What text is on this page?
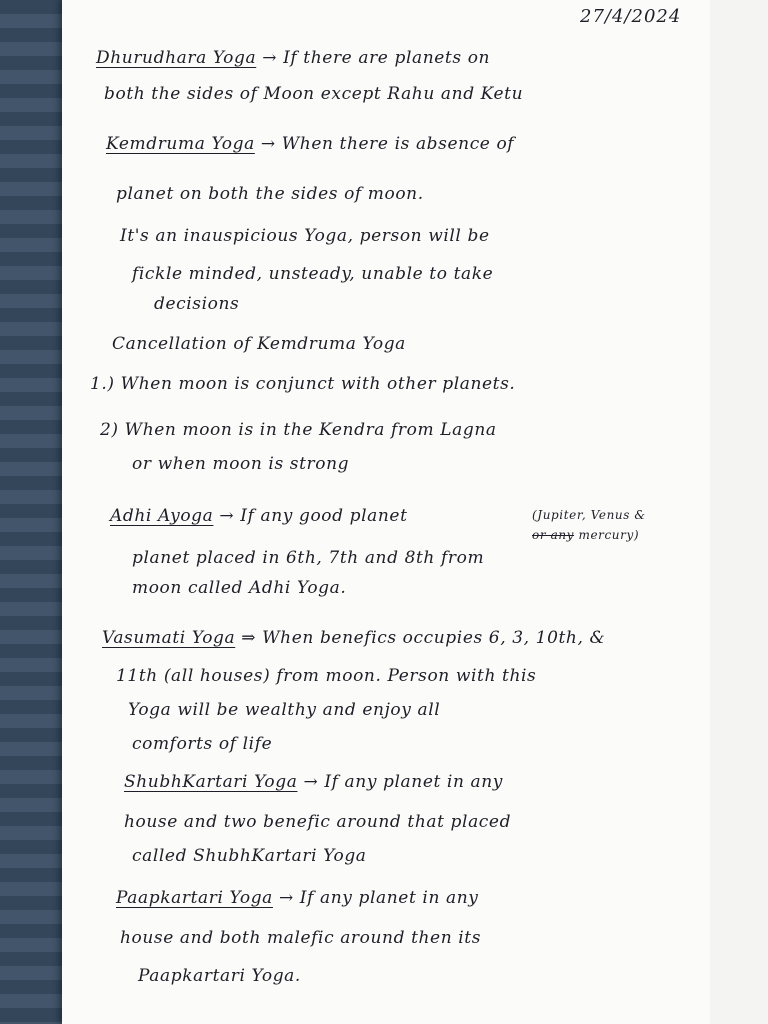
27/4/2024
Dhurudhara Yoga → If there are planets on
both the sides of Moon except Rahu and Ketu
Kemdruma Yoga → When there is absence of
planet on both the sides of moon.
It's an inauspicious Yoga, person will be
fickle minded, unsteady, unable to take
decisions
Cancellation of Kemdruma Yoga
1.) When moon is conjunct with other planets.
2) When moon is in the Kendra from Lagna
or when moon is strong
Adhi Ayoga → If any good planet	(Jupiter, Venus &
or any mercury)
planet placed in 6th, 7th and 8th from
moon called Adhi Yoga.
Vasumati Yoga ⇒ When benefics occupies 6, 3, 10th, &
11th (all houses) from moon. Person with this
Yoga will be wealthy and enjoy all
comforts of life
ShubhKartari Yoga → If any planet in any
house and two benefic around that placed
called ShubhKartari Yoga
Paapkartari Yoga → If any planet in any
house and both malefic around then its
Paapkartari Yoga.
